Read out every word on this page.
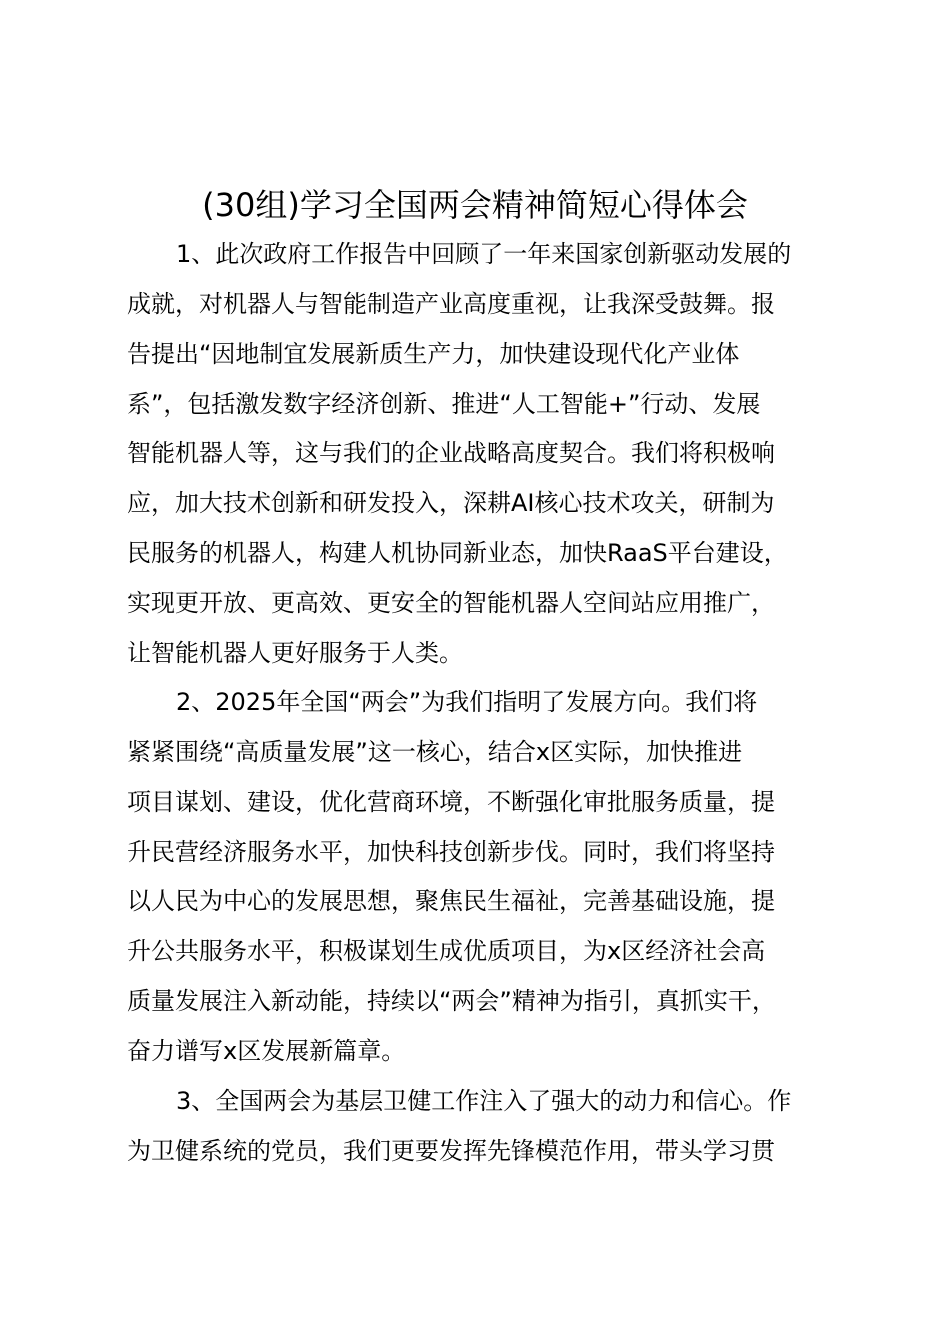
(30组)学习全国两会精神简短心得体会
1、此次政府工作报告中回顾了一年来国家创新驱动发展的
成就，对机器人与智能制造产业高度重视，让我深受鼓舞。报
告提出“因地制宜发展新质生产力，加快建设现代化产业体
系”，包括激发数字经济创新、推进“人工智能+”行动、发展
智能机器人等，这与我们的企业战略高度契合。我们将积极响
应，加大技术创新和研发投入，深耕AI核心技术攻关，研制为
民服务的机器人，构建人机协同新业态，加快RaaS平台建设，
实现更开放、更高效、更安全的智能机器人空间站应用推广，
让智能机器人更好服务于人类。
2、2025年全国“两会”为我们指明了发展方向。我们将
紧紧围绕“高质量发展”这一核心，结合x区实际，加快推进
项目谋划、建设，优化营商环境，不断强化审批服务质量，提
升民营经济服务水平，加快科技创新步伐。同时，我们将坚持
以人民为中心的发展思想，聚焦民生福祉，完善基础设施，提
升公共服务水平，积极谋划生成优质项目，为x区经济社会高
质量发展注入新动能，持续以“两会”精神为指引，真抓实干，
奋力谱写x区发展新篇章。
3、全国两会为基层卫健工作注入了强大的动力和信心。作
为卫健系统的党员，我们更要发挥先锋模范作用，带头学习贯
